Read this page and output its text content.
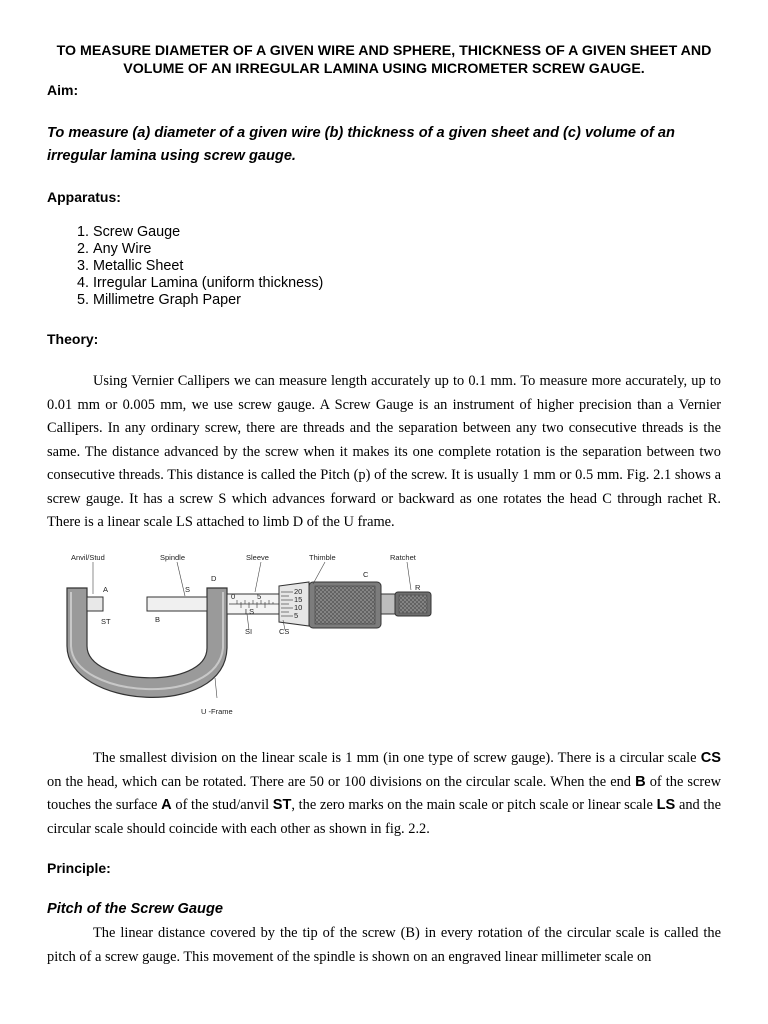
TO MEASURE DIAMETER OF A GIVEN WIRE AND SPHERE, THICKNESS OF A GIVEN SHEET AND VOLUME OF AN IRREGULAR LAMINA USING MICROMETER SCREW GAUGE.
Aim:
To measure (a) diameter of a given wire (b) thickness of a given sheet and (c) volume of an irregular lamina using screw gauge.
Apparatus:
1. Screw Gauge
2. Any Wire
3. Metallic Sheet
4. Irregular Lamina (uniform thickness)
5. Millimetre Graph Paper
Theory:

Using Vernier Callipers we can measure length accurately up to 0.1 mm. To measure more accurately, up to 0.01 mm or 0.005 mm, we use screw gauge. A Screw Gauge is an instrument of higher precision than a Vernier Callipers. In any ordinary screw, there are threads and the separation between any two consecutive threads is the same. The distance advanced by the screw when it makes its one complete rotation is the separation between two consecutive threads. This distance is called the Pitch (p) of the screw. It is usually 1 mm or 0.5 mm. Fig. 2.1 shows a screw gauge. It has a screw S which advances forward or backward as one rotates the head C through rachet R. There is a linear scale LS attached to limb D of the U frame.

Anvil/Stud	Spindle	Sleeve	Thimble	Ratchet
A	S
D	C
R
ST	B
SI	CS
LS
0	5
20
15
10
5
U -Frame

The smallest division on the linear scale is 1 mm (in one type of screw gauge). There is a circular scale CS on the head, which can be rotated. There are 50 or 100 divisions on the circular scale. When the end B of the screw touches the surface A of the stud/anvil ST, the zero marks on the main scale or pitch scale or linear scale LS and the circular scale should coincide with each other as shown in fig. 2.2.

Principle:
Pitch of the Screw Gauge

The linear distance covered by the tip of the screw (B) in every rotation of the circular scale is called the pitch of a screw gauge. This movement of the spindle is shown on an engraved linear millimeter scale on
